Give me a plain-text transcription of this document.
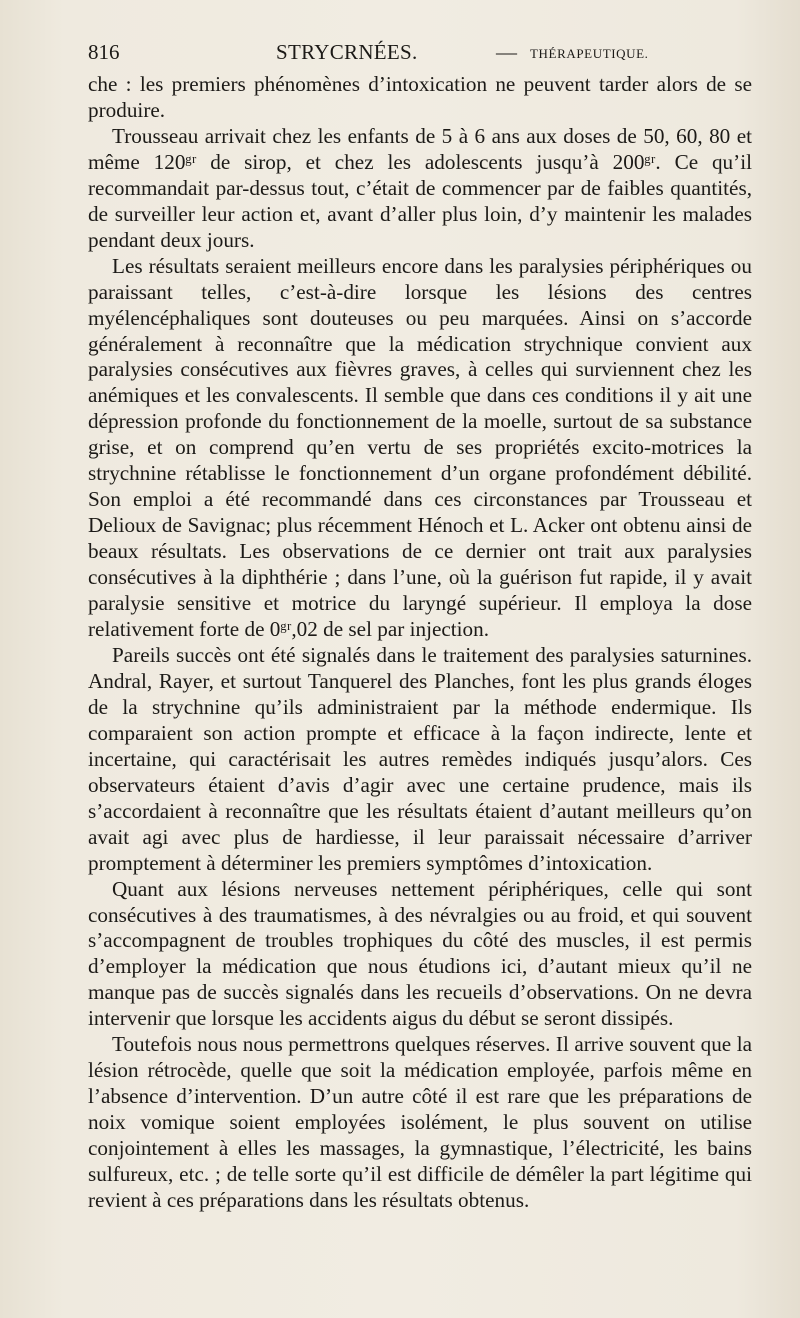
816	STRYCRNÉES.	— THÉRAPEUTIQUE.

che : les premiers phénomènes d’intoxication ne peuvent tarder alors de se produire.

Trousseau arrivait chez les enfants de 5 à 6 ans aux doses de 50, 60, 80 et même 120ᵍʳ de sirop, et chez les adolescents jusqu’à 200ᵍʳ. Ce qu’il recommandait par-dessus tout, c’était de commencer par de faibles quantités, de surveiller leur action et, avant d’aller plus loin, d’y maintenir les malades pendant deux jours.

Les résultats seraient meilleurs encore dans les paralysies périphériques ou paraissant telles, c’est-à-dire lorsque les lésions des centres myélencéphaliques sont douteuses ou peu marquées. Ainsi on s’accorde généralement à reconnaître que la médication strychnique convient aux paralysies consécutives aux fièvres graves, à celles qui surviennent chez les anémiques et les convalescents. Il semble que dans ces conditions il y ait une dépression profonde du fonctionnement de la moelle, surtout de sa substance grise, et on comprend qu’en vertu de ses propriétés excito-motrices la strychnine rétablisse le fonctionnement d’un organe profondément débilité. Son emploi a été recommandé dans ces circonstances par Trousseau et Delioux de Savignac; plus récemment Hénoch et L. Acker ont obtenu ainsi de beaux résultats. Les observations de ce dernier ont trait aux paralysies consécutives à la diphthérie ; dans l’une, où la guérison fut rapide, il y avait paralysie sensitive et motrice du laryngé supérieur. Il employa la dose relativement forte de 0ᵍʳ,02 de sel par injection.

Pareils succès ont été signalés dans le traitement des paralysies saturnines. Andral, Rayer, et surtout Tanquerel des Planches, font les plus grands éloges de la strychnine qu’ils administraient par la méthode endermique. Ils comparaient son action prompte et efficace à la façon indirecte, lente et incertaine, qui caractérisait les autres remèdes indiqués jusqu’alors. Ces observateurs étaient d’avis d’agir avec une certaine prudence, mais ils s’accordaient à reconnaître que les résultats étaient d’autant meilleurs qu’on avait agi avec plus de hardiesse, il leur paraissait nécessaire d’arriver promptement à déterminer les premiers symptômes d’intoxication.

Quant aux lésions nerveuses nettement périphériques, celle qui sont consécutives à des traumatismes, à des névralgies ou au froid, et qui souvent s’accompagnent de troubles trophiques du côté des muscles, il est permis d’employer la médication que nous étudions ici, d’autant mieux qu’il ne manque pas de succès signalés dans les recueils d’observations. On ne devra intervenir que lorsque les accidents aigus du début se seront dissipés.

Toutefois nous nous permettrons quelques réserves. Il arrive souvent que la lésion rétrocède, quelle que soit la médication employée, parfois même en l’absence d’intervention. D’un autre côté il est rare que les préparations de noix vomique soient employées isolément, le plus souvent on utilise conjointement à elles les massages, la gymnastique, l’électricité, les bains sulfureux, etc. ; de telle sorte qu’il est difficile de démêler la part légitime qui revient à ces préparations dans les résultats obtenus.
